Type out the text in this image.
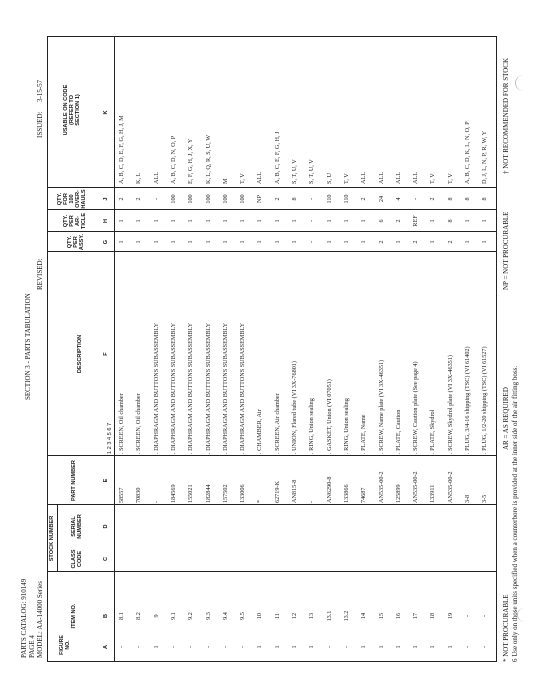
PARTS CATALOG: 910149 PAGE 4 MODEL: AA-14000 Series
SECTION 3 - PARTS TABULATION
REVISED:
ISSUED:
3-15-57
A
FIGURE NO.
B
ITEM NO.
STOCK NUMBER	C
CLASS CODE
D
SERIAL NUMBER
E
PART NUMBER
F
DESCRIPTION
1 2 3 4 5 6 7
G
QTY. PER ASSY.
H
QTY. PER AR-TICLE
J
QTY. FOR 100 OVER-HAULS
K
USABLE ON CODE (REFER TO SECTION 1)
-
8.1
58557
. SCREEN, Oil chamber
1
1
2
A, B, C, D, E, F, G, H, J, M
-
8.2
70830
. SCREEN, Oil chamber
1
1
2
K, L
1
9
-
. DIAPHRAGM AND BUTTONS SUBASSEMBLY
1
1
-
ALL
-
9.1
184569
. DIAPHRAGM AND BUTTONS SUBASSEMBLY
1
1
100
A, B, C, D, N, O, P
-
9.2
155021
. DIAPHRAGM AND BUTTONS SUBASSEMBLY
1
1
100
E, F, G, H, J, X, Y
-
9.3
182844
. DIAPHRAGM AND BUTTONS SUBASSEMBLY
1
1
100
K, L, Q, R, S, U, W
-
9.4
157502
. DIAPHRAGM AND BUTTONS SUBASSEMBLY
1
1
100
M
-
9.5
133006
. DIAPHRAGM AND BUTTONS SUBASSEMBLY
1
1
100
T, V
1
10
*
. CHAMBER, Air
1
1
NP
ALL
1
11
62719-K
. SCREEN, Air chamber
1
1
2
A, B, C, E, F, G, H, J
1
12
AN815-8
. UNION, Flared tube (VI 3X-76801)
1
1
8
S, T, U, V
1
13
-
. RING, Union sealing
-
-
-
S, T, U, V
-
13.1
AN6290-8
. GASKET, Union (VI 07051)
1
1
110
S, U
-
13.2
133866
. RING, Union sealing
1
1
110
T, V
1
14
74687
. PLATE, Name
1
1
2
ALL
1
15
AN535-00-2
. SCREW, Name plate (VI 3X-46351)
2
6
24
ALL
1
16
125899
. PLATE, Caution
1
2
4
ALL
1
17
AN535-00-2
. SCREW, Caution plate (See page 4)
2
REF
-
ALL
1
18
133911
. PLATE, Skydrol
1
1
2
T, V
1
19
AN535-00-2
. SCREW, Skydrol plate (VI 3X-46351)
2
8
8
T, V
-
-
3-8
. PLUG, 3/4-16 shipping (TSC) (VI 61402)
1
1
8
A, B, C, D, K, L, N, O, P
-
-
3-5
. PLUG, 1/2-20 shipping (TSC) (VI 61527)
1
1
8
D, J, L, N, P, R, W, Y
* NOT PROCURABLE
AR = AS REQUIRED
NP = NOT PROCURABLE
† NOT RECOMMENDED FOR STOCK
6 Use only on those units specified when a counterbore is provided at the inner side of the air fitting boss.
